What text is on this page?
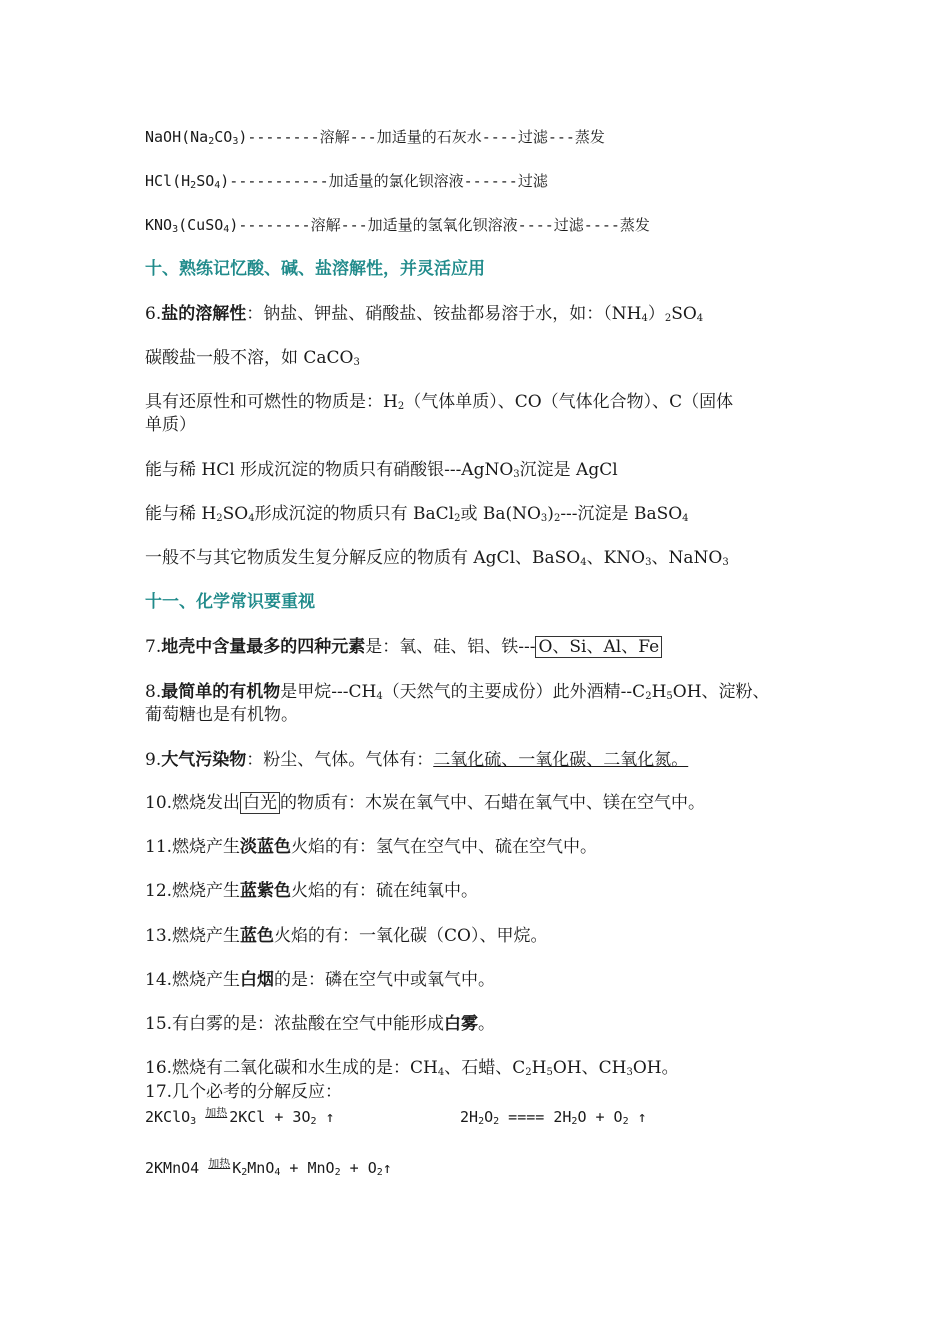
$NaOH(Na_2CO_3)--------$溶解---加适量的石灰水----过滤---蒸发
$HCl(H_2SO_4)-----------$加适量的氯化钡溶液------过滤
$KNO_3(CuSO_4)--------$溶解---加适量的氢氧化钡溶液----过滤----蒸发
十、熟练记忆酸、碱、盐溶解性，并灵活应用
6.盐的溶解性：钠盐、钾盐、硝酸盐、铵盐都易溶于水，如：$(NH_4)_2SO_4$
碳酸盐一般不溶，如 CaCO$_3$
具有还原性和可燃性的物质是：$H_2$（气体单质）、CO（气体化合物）、C（固体
单质）
能与稀 HCl 形成沉淀的物质只有硝酸银---AgNO$_3$沉淀是 AgCl
能与稀 $H_2SO_4$形成沉淀的物质只有 BaCl$_2$或 $Ba(NO_3)_2---$沉淀是 BaSO$_4$
一般不与其它物质发生复分解反应的物质有 AgCl、BaSO$_4$、$KNO_3$、NaNO$_3$
十一、化学常识要重视
7.地壳中含量最多的四种元素是：氧、硅、铝、铁--- O、Si、Al、Fe
8.最简单的有机物是甲烷$---CH_4$（天然气的主要成份）此外酒精$--C_2H_5OH$、淀粉、
葡萄糖也是有机物。
9.大气污染物：粉尘、气体。气体有：二氧化硫、一氧化碳、二氧化氮。
10.燃烧发出 白光 的物质有：木炭在氧气中、石蜡在氧气中、镁在空气中。
11.燃烧产生淡蓝色火焰的有：氢气在空气中、硫在空气中。
12.燃烧产生蓝紫色火焰的有：硫在纯氧中。
13.燃烧产生蓝色火焰的有：一氧化碳（CO）、甲烷。
14.燃烧产生白烟的是：磷在空气中或氧气中。
15.有白雾的是：浓盐酸在空气中能形成白雾。
16.燃烧有二氧化碳和水生成的是：$CH_4$、石蜡、$C_2H_5OH$、$CH_3OH$。
17.几个必考的分解反应：
2KClO$_3$ $^{加热}$ $2KCl + 3O_2$ ↑	$2H_2O_2$ ==== $2H_2O + O_2$ ↑
2KMnO4 $^{加热}$ $K_2MnO_4 + MnO_2$ + $O_2↑$
